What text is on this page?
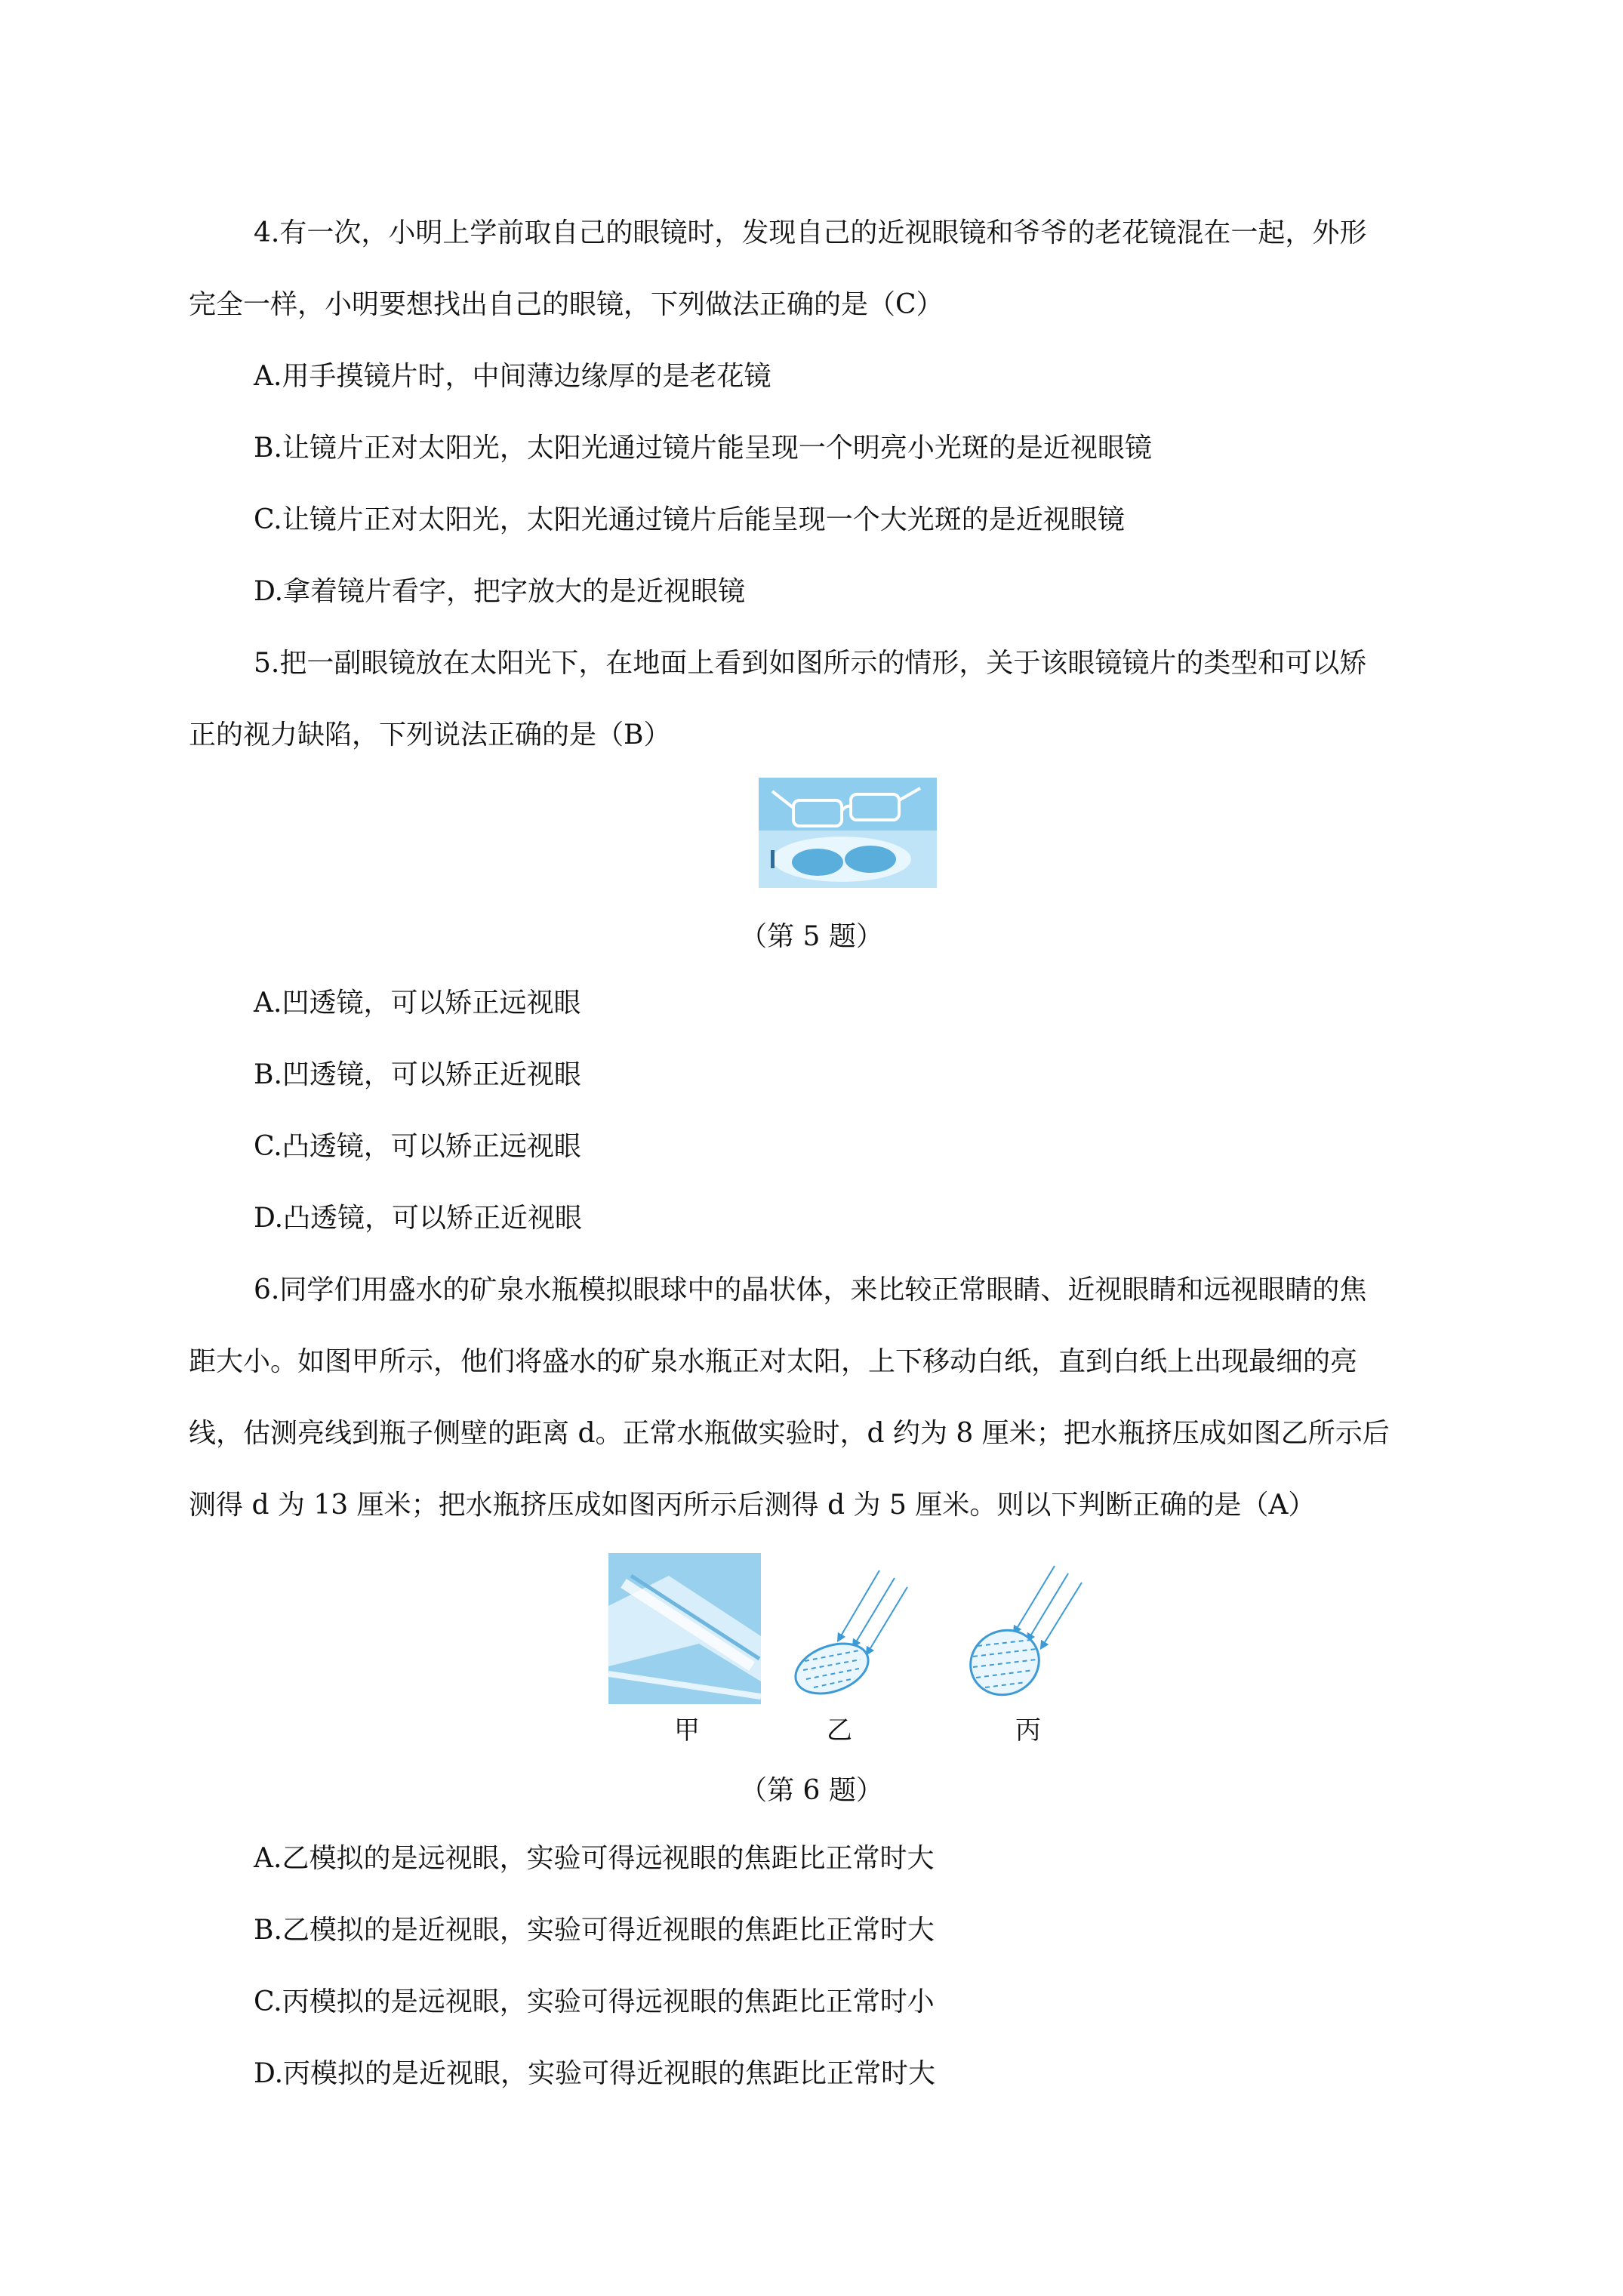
4.有一次，小明上学前取自己的眼镜时，发现自己的近视眼镜和爷爷的老花镜混在一起，外形
完全一样，小明要想找出自己的眼镜，下列做法正确的是（C）
A.用手摸镜片时，中间薄边缘厚的是老花镜
B.让镜片正对太阳光，太阳光通过镜片能呈现一个明亮小光斑的是近视眼镜
C.让镜片正对太阳光，太阳光通过镜片后能呈现一个大光斑的是近视眼镜
D.拿着镜片看字，把字放大的是近视眼镜
5.把一副眼镜放在太阳光下，在地面上看到如图所示的情形，关于该眼镜镜片的类型和可以矫
正的视力缺陷，下列说法正确的是（B）
（第 5 题）
A.凹透镜，可以矫正远视眼
B.凹透镜，可以矫正近视眼
C.凸透镜，可以矫正远视眼
D.凸透镜，可以矫正近视眼
6.同学们用盛水的矿泉水瓶模拟眼球中的晶状体，来比较正常眼睛、近视眼睛和远视眼睛的焦
距大小。如图甲所示，他们将盛水的矿泉水瓶正对太阳，上下移动白纸，直到白纸上出现最细的亮
线，估测亮线到瓶子侧壁的距离 d。正常水瓶做实验时，d 约为 8 厘米；把水瓶挤压成如图乙所示后
测得 d 为 13 厘米；把水瓶挤压成如图丙所示后测得 d 为 5 厘米。则以下判断正确的是（A）
甲	乙	丙
（第 6 题）
A.乙模拟的是远视眼，实验可得远视眼的焦距比正常时大
B.乙模拟的是近视眼，实验可得近视眼的焦距比正常时大
C.丙模拟的是远视眼，实验可得远视眼的焦距比正常时小
D.丙模拟的是近视眼，实验可得近视眼的焦距比正常时大
